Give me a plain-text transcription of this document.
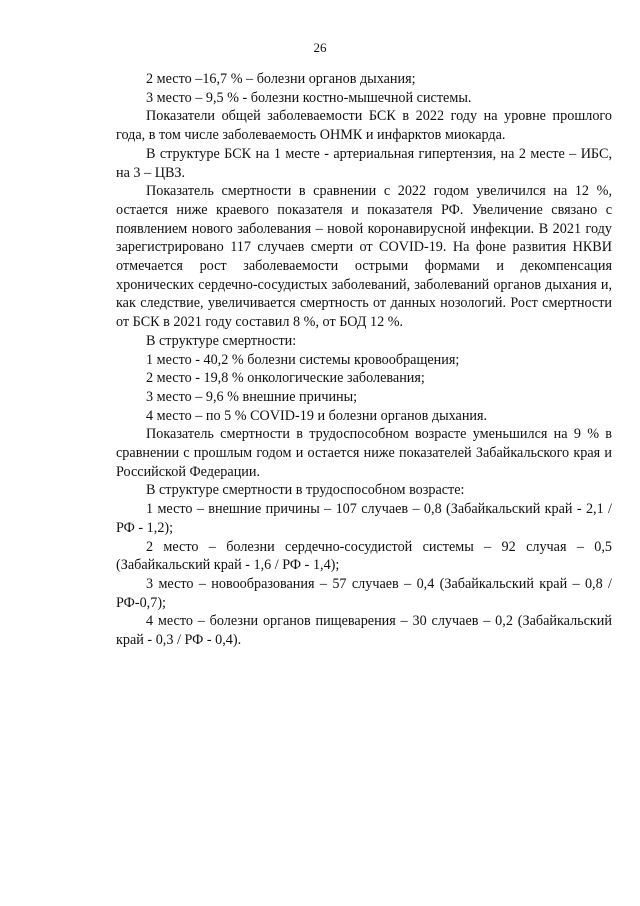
26

2 место –16,7 % – болезни органов дыхания;

3 место – 9,5 % - болезни костно-мышечной системы.

Показатели общей заболеваемости БСК в 2022 году на уровне прошлого года, в том числе заболеваемость ОНМК и инфарктов миокарда.

В структуре БСК на 1 месте - артериальная гипертензия, на 2 месте – ИБС, на 3 – ЦВЗ.

Показатель смертности в сравнении с 2022 годом увеличился на 12 %, остается ниже краевого показателя и показателя РФ. Увеличение связано с появлением нового заболевания – новой коронавирусной инфекции. В 2021 году зарегистрировано 117 случаев смерти от COVID-19. На фоне развития НКВИ отмечается рост заболеваемости острыми формами и декомпенсация хронических сердечно-сосудистых заболеваний, заболеваний органов дыхания и, как следствие, увеличивается смертность от данных нозологий. Рост смертности от БСК в 2021 году составил 8 %, от БОД 12 %.

В структуре смертности:

1 место - 40,2 % болезни системы кровообращения;

2 место - 19,8 % онкологические заболевания;

3 место – 9,6 % внешние причины;

4 место – по 5 % COVID-19 и болезни органов дыхания.

Показатель смертности в трудоспособном возрасте уменьшился на 9 % в сравнении с прошлым годом и остается ниже показателей Забайкальского края и Российской Федерации.

В структуре смертности в трудоспособном возрасте:

1 место – внешние причины – 107 случаев – 0,8 (Забайкальский край - 2,1 / РФ - 1,2);

2 место – болезни сердечно-сосудистой системы – 92 случая – 0,5 (Забайкальский край - 1,6 / РФ - 1,4);

3 место – новообразования – 57 случаев – 0,4 (Забайкальский край – 0,8 / РФ-0,7);

4 место – болезни органов пищеварения – 30 случаев – 0,2 (Забайкальский край - 0,3 / РФ - 0,4).
